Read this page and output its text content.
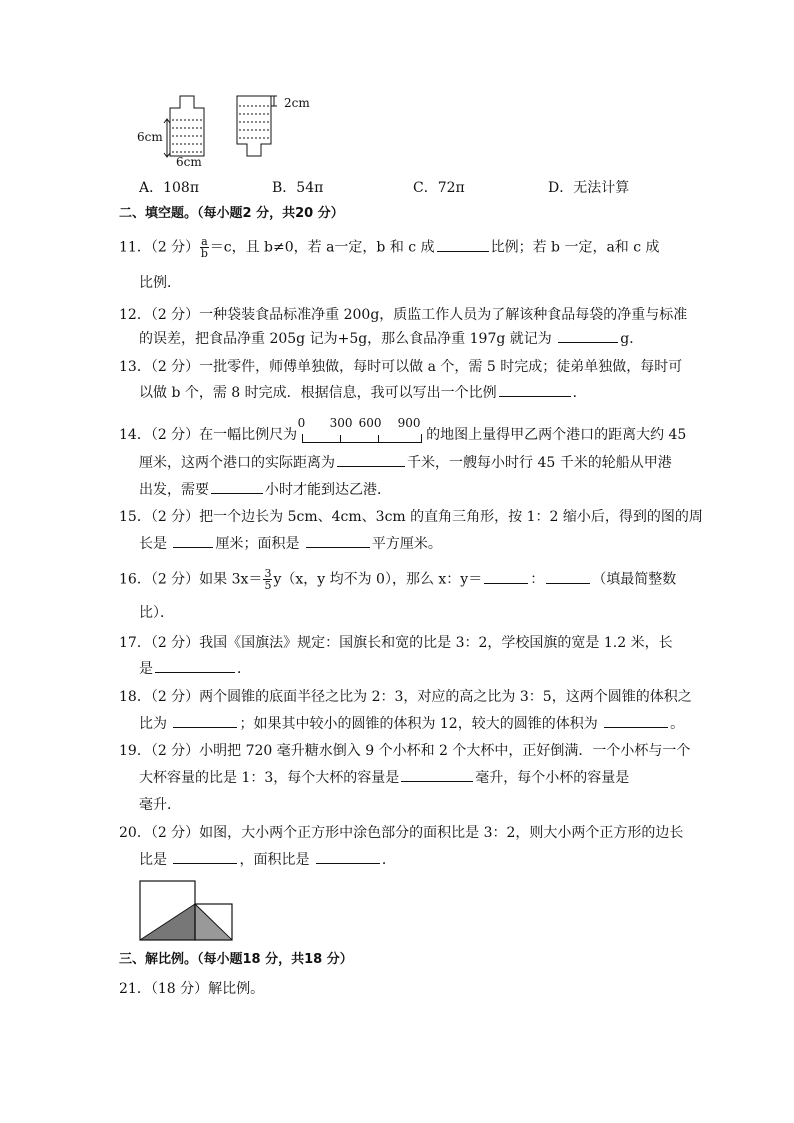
6cm
6cm
2cm
A．108π	B．54π	C．72π	D．无法计算
二、填空题。（每小题2 分，共20 分）
11．（2 分） $\frac{a}{b} =c$，且 b≠0，若 a一定，b 和 c 成	比例；若 b 一定，a和 c 成
比例．
12．（2 分）一种袋装食品标准净重 200g，质监工作人员为了解该种食品每袋的净重与标准
的误差，把食品净重 205g 记为+5g，那么食品净重 197g 就记为	g．
13．（2 分）一批零件，师傅单独做，每时可以做 a 个，需 5 时完成；徒弟单独做，每时可
以做 b 个，需 8 时完成．根据信息，我可以写出一个比例	．
14．（2 分）在一幅比例尺为
0 300 600 900
的地图上量得甲乙两个港口的距离大约 45
厘米，这两个港口的实际距离为	千米，一艘每小时行 45 千米的轮船从甲港
出发，需要	小时才能到达乙港．
15．（2 分）把一个边长为 5cm、4cm、3cm 的直角三角形，按 1：2 缩小后，得到的图的周
长是	厘米；面积是	平方厘米。
16．（2 分）如果 $3x= \frac{3}{5} y(x$，y 均不为 0），那么 x：y＝	：	（填最简整数
比）．
17．（2 分）我国《国旗法》规定：国旗长和宽的比是 3：2，学校国旗的宽是 1.2 米，长
是	．
18．（2 分）两个圆锥的底面半径之比为 2：3，对应的高之比为 3：5，这两个圆锥的体积之
比为	；如果其中较小的圆锥的体积为 12，较大的圆锥的体积为	。
19．（2 分）小明把 720 毫升糖水倒入 9 个小杯和 2 个大杯中，正好倒满．一个小杯与一个
大杯容量的比是 1：3，每个大杯的容量是	毫升，每个小杯的容量是
毫升．
20．（2 分）如图，大小两个正方形中涂色部分的面积比是 3：2，则大小两个正方形的边长
比是	，面积比是	．
三、解比例。（每小题18 分，共18 分）
21．（18 分）解比例。
